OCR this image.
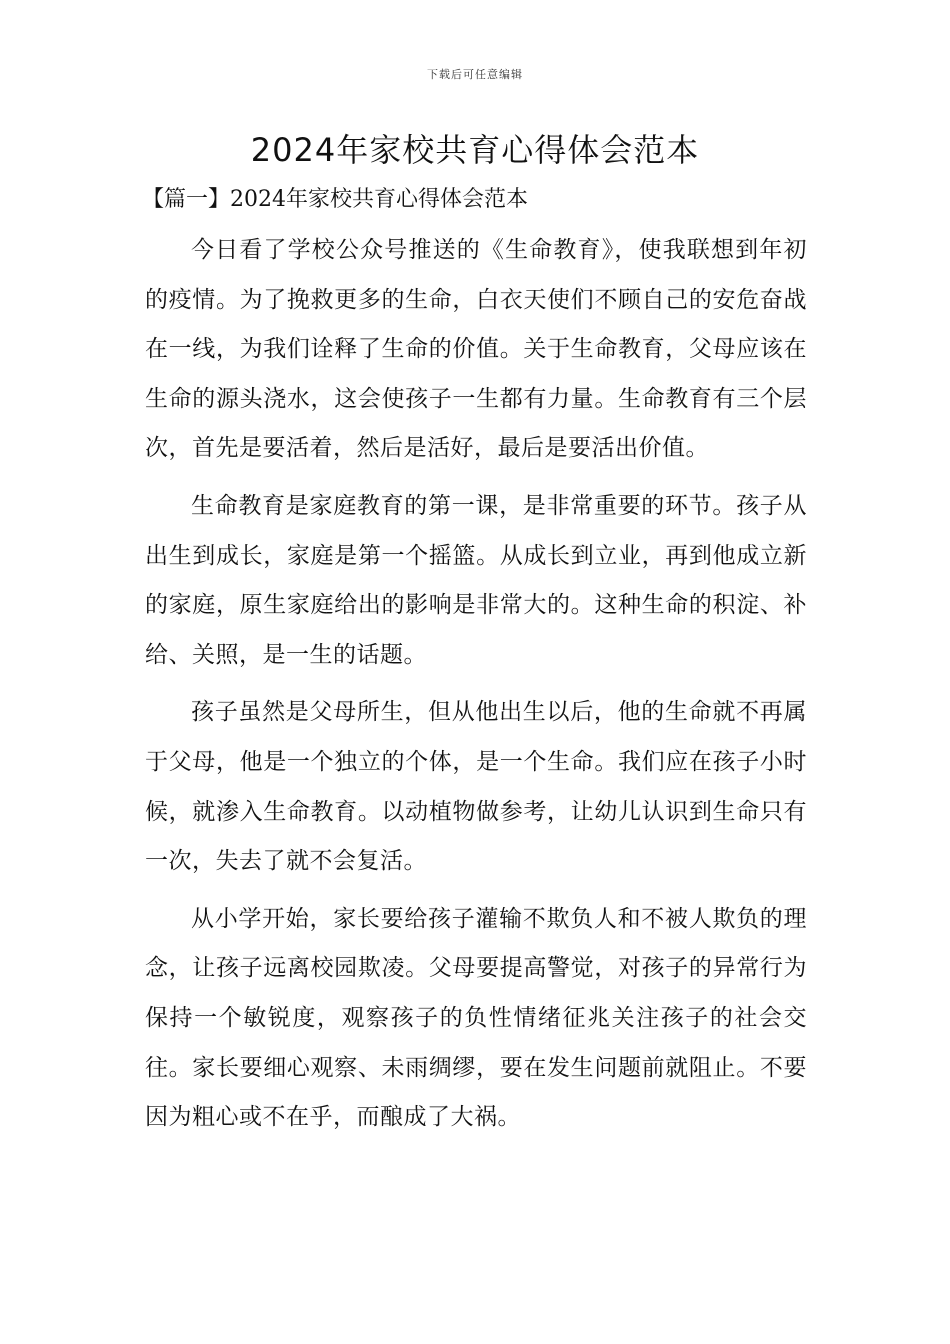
下载后可任意编辑
2024年家校共育心得体会范本
【篇一】2024年家校共育心得体会范本

今日看了学校公众号推送的《生命教育》，使我联想到年初的疫情。为了挽救更多的生命，白衣天使们不顾自己的安危奋战在一线，为我们诠释了生命的价值。关于生命教育，父母应该在生命的源头浇水，这会使孩子一生都有力量。生命教育有三个层次，首先是要活着，然后是活好，最后是要活出价值。

生命教育是家庭教育的第一课，是非常重要的环节。孩子从出生到成长，家庭是第一个摇篮。从成长到立业，再到他成立新的家庭，原生家庭给出的影响是非常大的。这种生命的积淀、补给、关照，是一生的话题。

孩子虽然是父母所生，但从他出生以后，他的生命就不再属于父母，他是一个独立的个体，是一个生命。我们应在孩子小时候，就渗入生命教育。以动植物做参考，让幼儿认识到生命只有一次，失去了就不会复活。

从小学开始，家长要给孩子灌输不欺负人和不被人欺负的理念，让孩子远离校园欺凌。父母要提高警觉，对孩子的异常行为保持一个敏锐度，观察孩子的负性情绪征兆关注孩子的社会交往。家长要细心观察、未雨绸缪，要在发生问题前就阻止。不要因为粗心或不在乎，而酿成了大祸。
